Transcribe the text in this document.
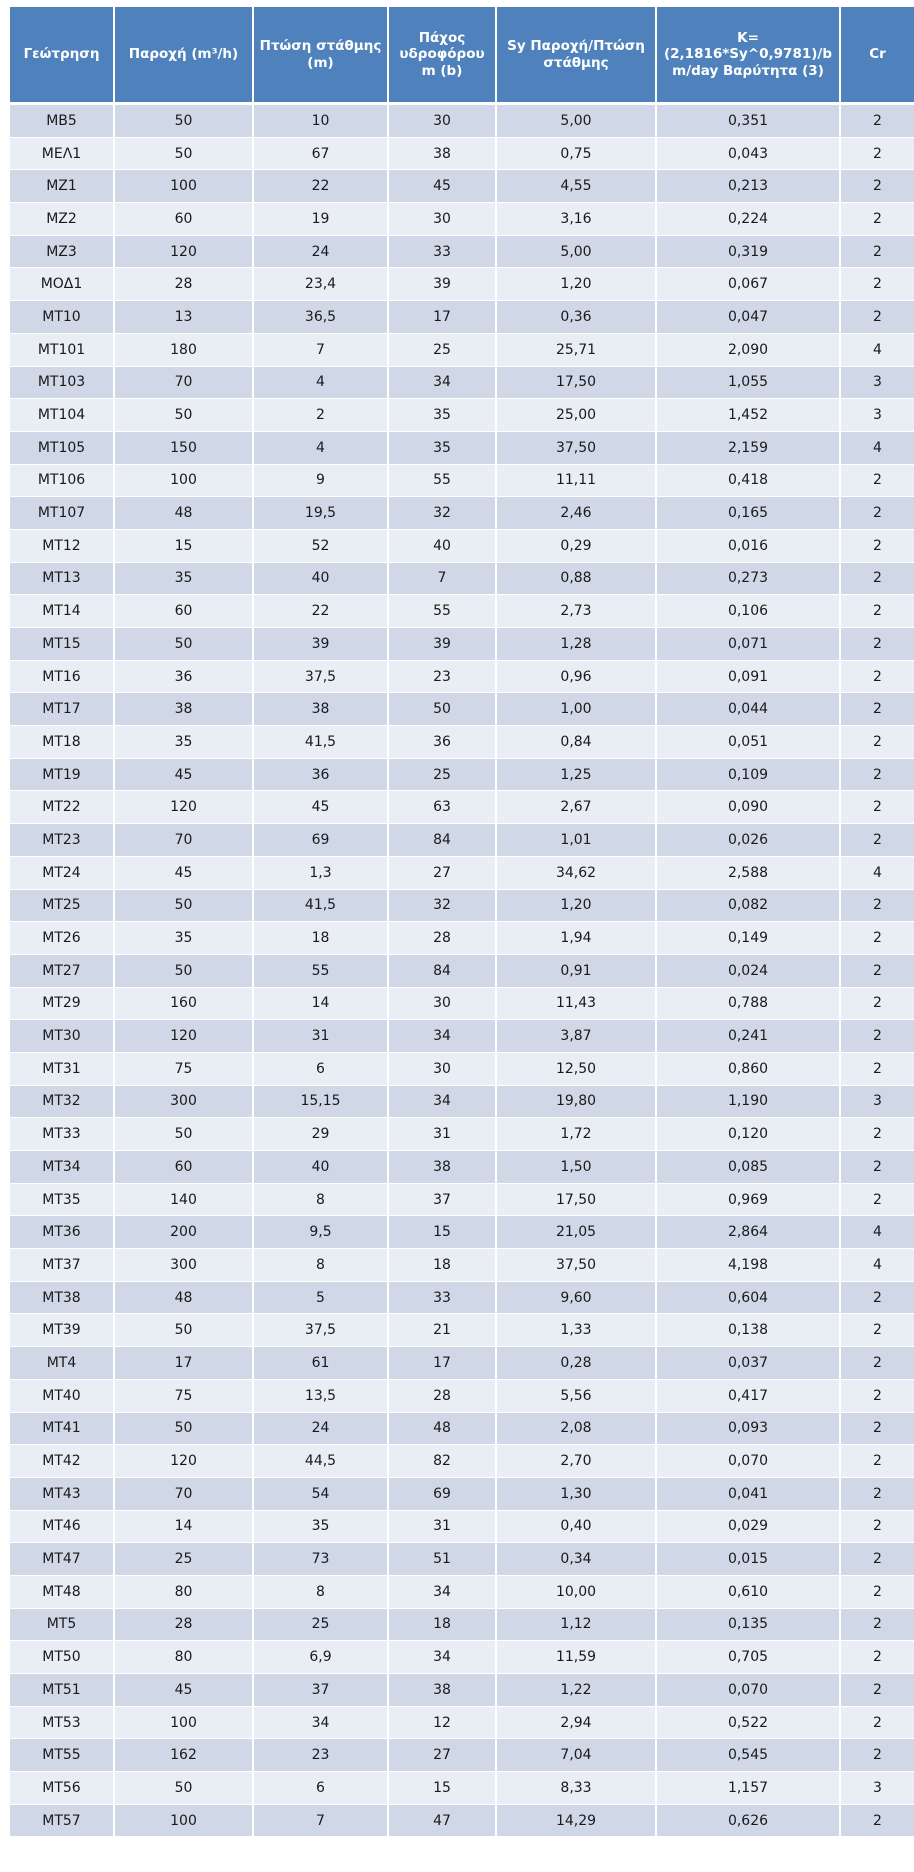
Γεώτρηση	Παροχή (m³/h)	Πτώση στάθμης (m)	Πάχος υδροφόρου m (b)	Sy Παροχή/Πτώση στάθμης	K=(2,1816*Sy^0,9781)/b m/day Βαρύτητα (3)	Cr
MB5	50	10	30	5,00	0,351	2
ΜΕΛ1	50	67	38	0,75	0,043	2
ΜΖ1	100	22	45	4,55	0,213	2
ΜΖ2	60	19	30	3,16	0,224	2
ΜΖ3	120	24	33	5,00	0,319	2
ΜΟΔ1	28	23,4	39	1,20	0,067	2
ΜΤ10	13	36,5	17	0,36	0,047	2
ΜΤ101	180	7	25	25,71	2,090	4
ΜΤ103	70	4	34	17,50	1,055	3
ΜΤ104	50	2	35	25,00	1,452	3
ΜΤ105	150	4	35	37,50	2,159	4
ΜΤ106	100	9	55	11,11	0,418	2
ΜΤ107	48	19,5	32	2,46	0,165	2
ΜΤ12	15	52	40	0,29	0,016	2
ΜΤ13	35	40	7	0,88	0,273	2
ΜΤ14	60	22	55	2,73	0,106	2
ΜΤ15	50	39	39	1,28	0,071	2
ΜΤ16	36	37,5	23	0,96	0,091	2
ΜΤ17	38	38	50	1,00	0,044	2
ΜΤ18	35	41,5	36	0,84	0,051	2
ΜΤ19	45	36	25	1,25	0,109	2
ΜΤ22	120	45	63	2,67	0,090	2
ΜΤ23	70	69	84	1,01	0,026	2
ΜΤ24	45	1,3	27	34,62	2,588	4
ΜΤ25	50	41,5	32	1,20	0,082	2
ΜΤ26	35	18	28	1,94	0,149	2
ΜΤ27	50	55	84	0,91	0,024	2
ΜΤ29	160	14	30	11,43	0,788	2
ΜΤ30	120	31	34	3,87	0,241	2
ΜΤ31	75	6	30	12,50	0,860	2
ΜΤ32	300	15,15	34	19,80	1,190	3
ΜΤ33	50	29	31	1,72	0,120	2
ΜΤ34	60	40	38	1,50	0,085	2
ΜΤ35	140	8	37	17,50	0,969	2
ΜΤ36	200	9,5	15	21,05	2,864	4
ΜΤ37	300	8	18	37,50	4,198	4
ΜΤ38	48	5	33	9,60	0,604	2
ΜΤ39	50	37,5	21	1,33	0,138	2
ΜΤ4	17	61	17	0,28	0,037	2
ΜΤ40	75	13,5	28	5,56	0,417	2
ΜΤ41	50	24	48	2,08	0,093	2
ΜΤ42	120	44,5	82	2,70	0,070	2
ΜΤ43	70	54	69	1,30	0,041	2
ΜΤ46	14	35	31	0,40	0,029	2
ΜΤ47	25	73	51	0,34	0,015	2
ΜΤ48	80	8	34	10,00	0,610	2
ΜΤ5	28	25	18	1,12	0,135	2
ΜΤ50	80	6,9	34	11,59	0,705	2
ΜΤ51	45	37	38	1,22	0,070	2
ΜΤ53	100	34	12	2,94	0,522	2
ΜΤ55	162	23	27	7,04	0,545	2
ΜΤ56	50	6	15	8,33	1,157	3
ΜΤ57	100	7	47	14,29	0,626	2
